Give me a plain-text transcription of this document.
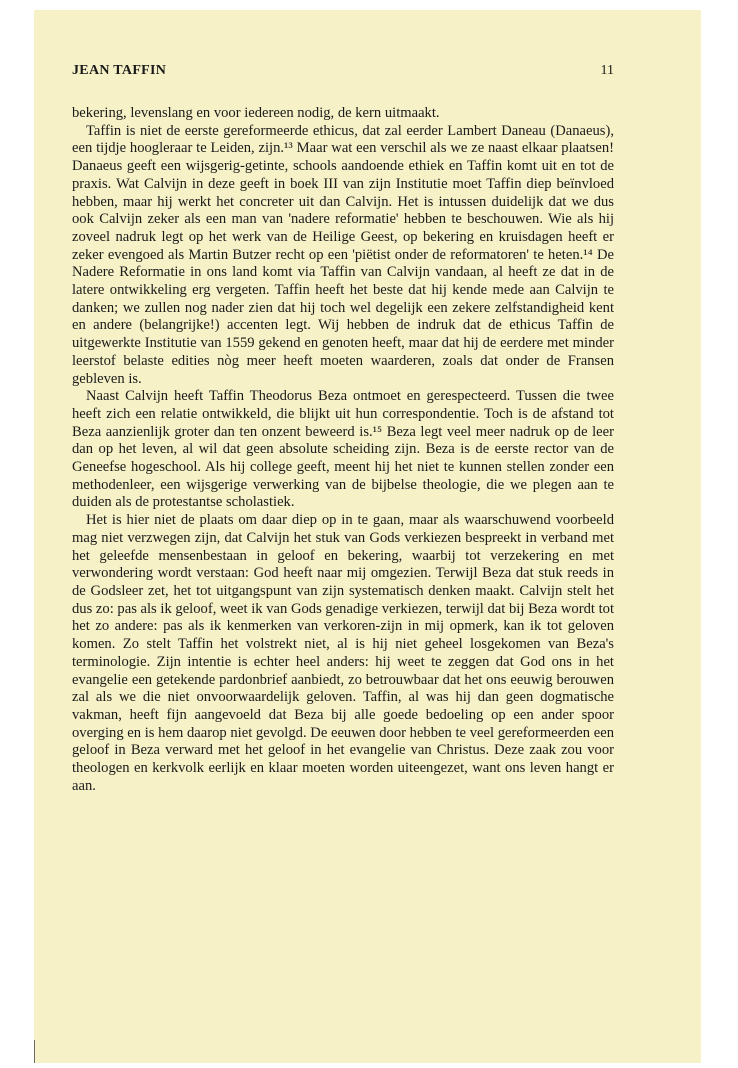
JEAN TAFFIN	11

bekering, levenslang en voor iedereen nodig, de kern uitmaakt.

Taffin is niet de eerste gereformeerde ethicus, dat zal eerder Lambert Daneau (Danaeus), een tijdje hoogleraar te Leiden, zijn.¹³ Maar wat een verschil als we ze naast elkaar plaatsen! Danaeus geeft een wijsgerig-getinte, schools aandoende ethiek en Taffin komt uit en tot de praxis. Wat Calvijn in deze geeft in boek III van zijn Institutie moet Taffin diep beïnvloed hebben, maar hij werkt het concreter uit dan Calvijn. Het is intussen duidelijk dat we dus ook Calvijn zeker als een man van 'nadere reformatie' hebben te beschouwen. Wie als hij zoveel nadruk legt op het werk van de Heilige Geest, op bekering en kruisdagen heeft er zeker evengoed als Martin Butzer recht op een 'piëtist onder de reformatoren' te heten.¹⁴ De Nadere Reformatie in ons land komt via Taffin van Calvijn vandaan, al heeft ze dat in de latere ontwikkeling erg vergeten. Taffin heeft het beste dat hij kende mede aan Calvijn te danken; we zullen nog nader zien dat hij toch wel degelijk een zekere zelfstandigheid kent en andere (belangrijke!) accenten legt. Wij hebben de indruk dat de ethicus Taffin de uitgewerkte Institutie van 1559 gekend en genoten heeft, maar dat hij de eerdere met minder leerstof belaste edities nòg meer heeft moeten waarderen, zoals dat onder de Fransen gebleven is.

Naast Calvijn heeft Taffin Theodorus Beza ontmoet en gerespecteerd. Tussen die twee heeft zich een relatie ontwikkeld, die blijkt uit hun correspondentie. Toch is de afstand tot Beza aanzienlijk groter dan ten onzent beweerd is.¹⁵ Beza legt veel meer nadruk op de leer dan op het leven, al wil dat geen absolute scheiding zijn. Beza is de eerste rector van de Geneefse hogeschool. Als hij college geeft, meent hij het niet te kunnen stellen zonder een methodenleer, een wijsgerige verwerking van de bijbelse theologie, die we plegen aan te duiden als de protestantse scholastiek.

Het is hier niet de plaats om daar diep op in te gaan, maar als waarschuwend voorbeeld mag niet verzwegen zijn, dat Calvijn het stuk van Gods verkiezen bespreekt in verband met het geleefde mensenbestaan in geloof en bekering, waarbij tot verzekering en met verwondering wordt verstaan: God heeft naar mij omgezien. Terwijl Beza dat stuk reeds in de Godsleer zet, het tot uitgangspunt van zijn systematisch denken maakt. Calvijn stelt het dus zo: pas als ik geloof, weet ik van Gods genadige verkiezen, terwijl dat bij Beza wordt tot het zo andere: pas als ik kenmerken van verkoren-zijn in mij opmerk, kan ik tot geloven komen. Zo stelt Taffin het volstrekt niet, al is hij niet geheel losgekomen van Beza's terminologie. Zijn intentie is echter heel anders: hij weet te zeggen dat God ons in het evangelie een getekende pardonbrief aanbiedt, zo betrouwbaar dat het ons eeuwig berouwen zal als we die niet onvoorwaardelijk geloven. Taffin, al was hij dan geen dogmatische vakman, heeft fijn aangevoeld dat Beza bij alle goede bedoeling op een ander spoor overging en is hem daarop niet gevolgd. De eeuwen door hebben te veel gereformeerden een geloof in Beza verward met het geloof in het evangelie van Christus. Deze zaak zou voor theologen en kerkvolk eerlijk en klaar moeten worden uiteengezet, want ons leven hangt er aan.
